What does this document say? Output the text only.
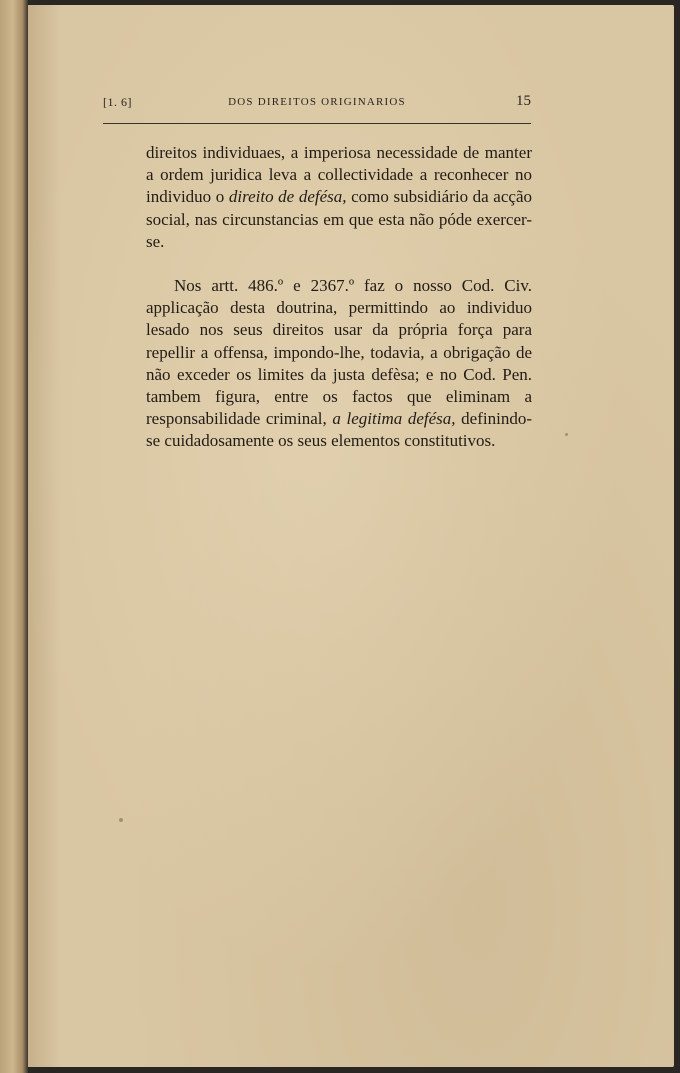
[1. 6]	DOS DIREITOS ORIGINARIOS	15

direitos individuaes, a imperiosa necessidade de manter a ordem juridica leva a collectividade a reconhecer no individuo o direito de defésa, como subsidiário da acção social, nas circunstancias em que esta não póde exercer-se.

Nos artt. 486.º e 2367.º faz o nosso Cod. Civ. applicação desta doutrina, permittindo ao individuo lesado nos seus direitos usar da própria força para repellir a offensa, impondo-lhe, todavia, a obrigação de não exceder os limites da justa defèsa; e no Cod. Pen. tambem figura, entre os factos que eliminam a responsabilidade criminal, a legitima defésa, definindo-se cuidadosamente os seus elementos constitutivos.
